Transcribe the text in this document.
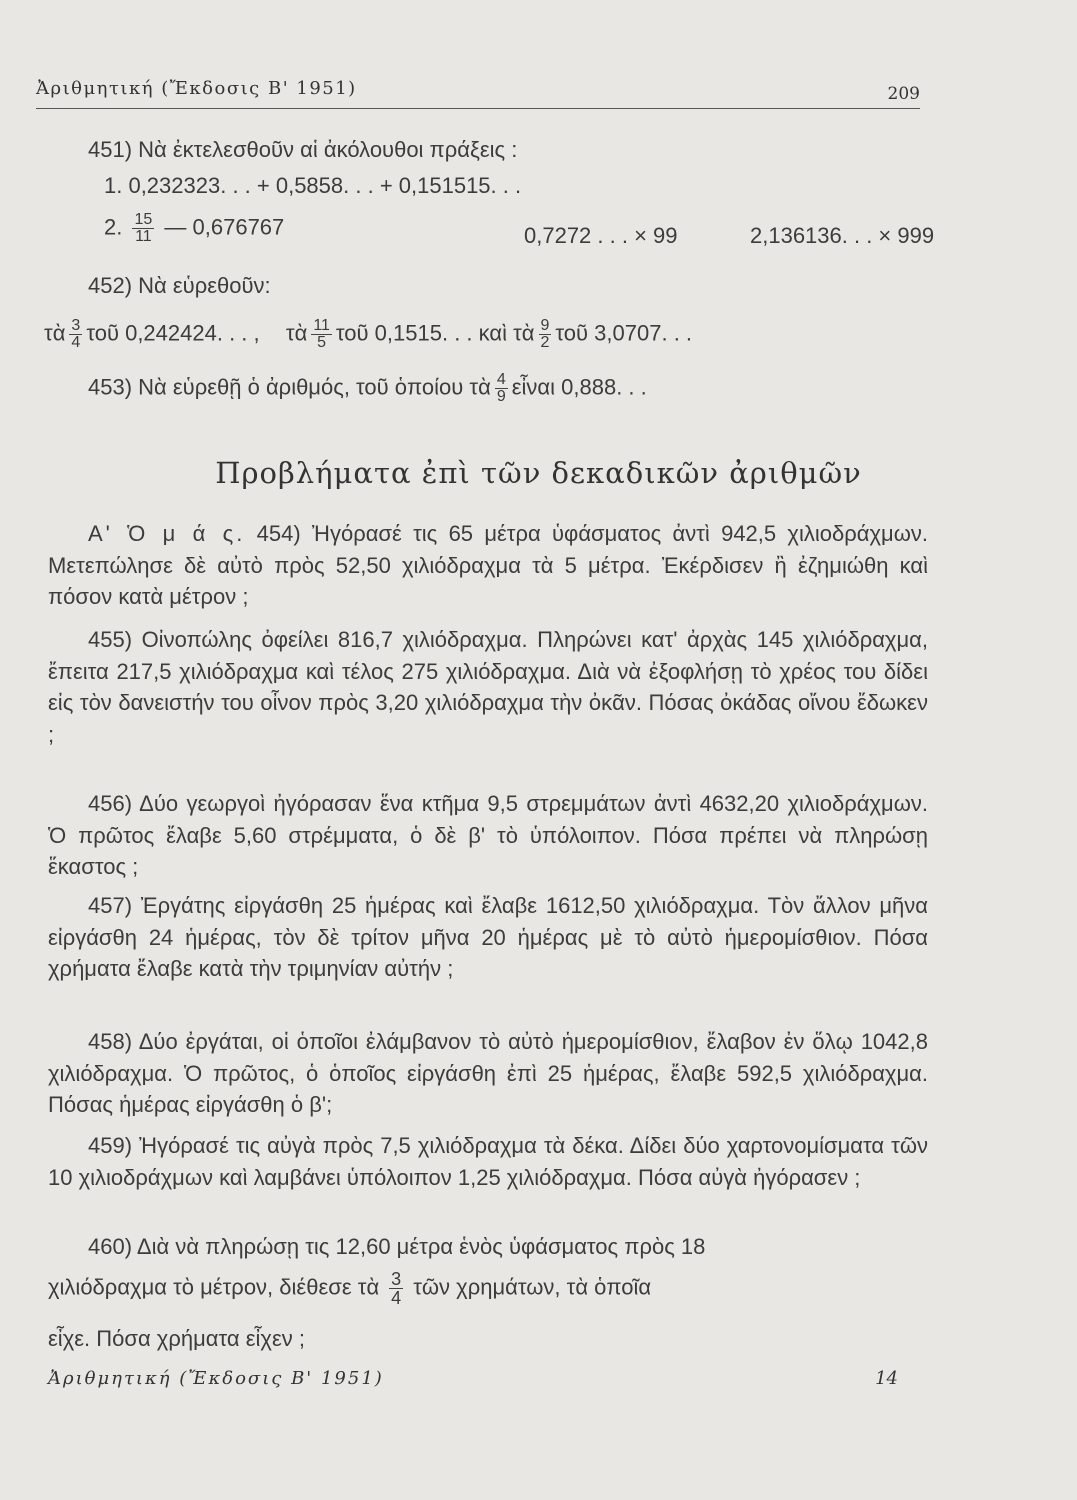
Ἀριθμητική (Ἔκδοσις Β' 1951)	209
451) Νὰ ἐκτελεσθοῦν αἱ ἀκόλουθοι πράξεις :
1. 0,232323. . . + 0,5858. . . + 0,151515. . .
2. $\frac{15}{11}$ — 0,676767	0,7272 . . . × 99	2,136136. . . × 999
452) Νὰ εὑρεθοῦν:
τὰ $\frac{3}{4}$ τοῦ 0,242424. . . , τὰ $\frac{11}{5}$ τοῦ 0,1515. . . καὶ τὰ $\frac{9}{2}$ τοῦ 3,0707. . .
453) Νὰ εὑρεθῇ ὁ ἀριθμός, τοῦ ὁποίου τὰ $\frac{4}{9}$ εἶναι 0,888. . .
Προβλήματα ἐπὶ τῶν δεκαδικῶν ἀριθμῶν

Α' Ὁ μ ά ς. 454) Ἠγόρασέ τις 65 μέτρα ὑφάσματος ἀντὶ 942,5 χιλιοδράχμων. Μετεπώλησε δὲ αὐτὸ πρὸς 52,50 χιλιόδραχμα τὰ 5 μέτρα. Ἐκέρδισεν ἢ ἐζημιώθη καὶ πόσον κατὰ μέτρον ;

455) Οἰνοπώλης ὀφείλει 816,7 χιλιόδραχμα. Πληρώνει κατ' ἀρχὰς 145 χιλιόδραχμα, ἔπειτα 217,5 χιλιόδραχμα καὶ τέλος 275 χιλιόδραχμα. Διὰ νὰ ἐξοφλήσῃ τὸ χρέος του δίδει εἰς τὸν δανειστήν του οἶνον πρὸς 3,20 χιλιόδραχμα τὴν ὀκᾶν. Πόσας ὀκάδας οἴνου ἔδωκεν ;

456) Δύο γεωργοὶ ἠγόρασαν ἕνα κτῆμα 9,5 στρεμμάτων ἀντὶ 4632,20 χιλιοδράχμων. Ὁ πρῶτος ἔλαβε 5,60 στρέμματα, ὁ δὲ β' τὸ ὑπόλοιπον. Πόσα πρέπει νὰ πληρώσῃ ἕκαστος ;

457) Ἐργάτης εἰργάσθη 25 ἡμέρας καὶ ἔλαβε 1612,50 χιλιόδραχμα. Τὸν ἄλλον μῆνα εἰργάσθη 24 ἡμέρας, τὸν δὲ τρίτον μῆνα 20 ἡμέρας μὲ τὸ αὐτὸ ἡμερομίσθιον. Πόσα χρήματα ἔλαβε κατὰ τὴν τριμηνίαν αὐτήν ;

458) Δύο ἐργάται, οἱ ὁποῖοι ἐλάμβανον τὸ αὐτὸ ἡμερομίσθιον, ἔλαβον ἐν ὅλῳ 1042,8 χιλιόδραχμα. Ὁ πρῶτος, ὁ ὁποῖος εἰργάσθη ἐπὶ 25 ἡμέρας, ἔλαβε 592,5 χιλιόδραχμα. Πόσας ἡμέρας εἰργάσθη ὁ β';

459) Ἠγόρασέ τις αὐγὰ πρὸς 7,5 χιλιόδραχμα τὰ δέκα. Δίδει δύο χαρτονομίσματα τῶν 10 χιλιοδράχμων καὶ λαμβάνει ὑπόλοιπον 1,25 χιλιόδραχμα. Πόσα αὐγὰ ἠγόρασεν ;

460) Διὰ νὰ πληρώσῃ τις 12,60 μέτρα ἑνὸς ὑφάσματος πρὸς 18
χιλιόδραχμα τὸ μέτρον, διέθεσε τὰ $\frac{3}{4}$ τῶν χρημάτων, τὰ ὁποῖα
εἶχε. Πόσα χρήματα εἶχεν ;
Ἀριθμητική (Ἔκδοσις Β' 1951)	14
